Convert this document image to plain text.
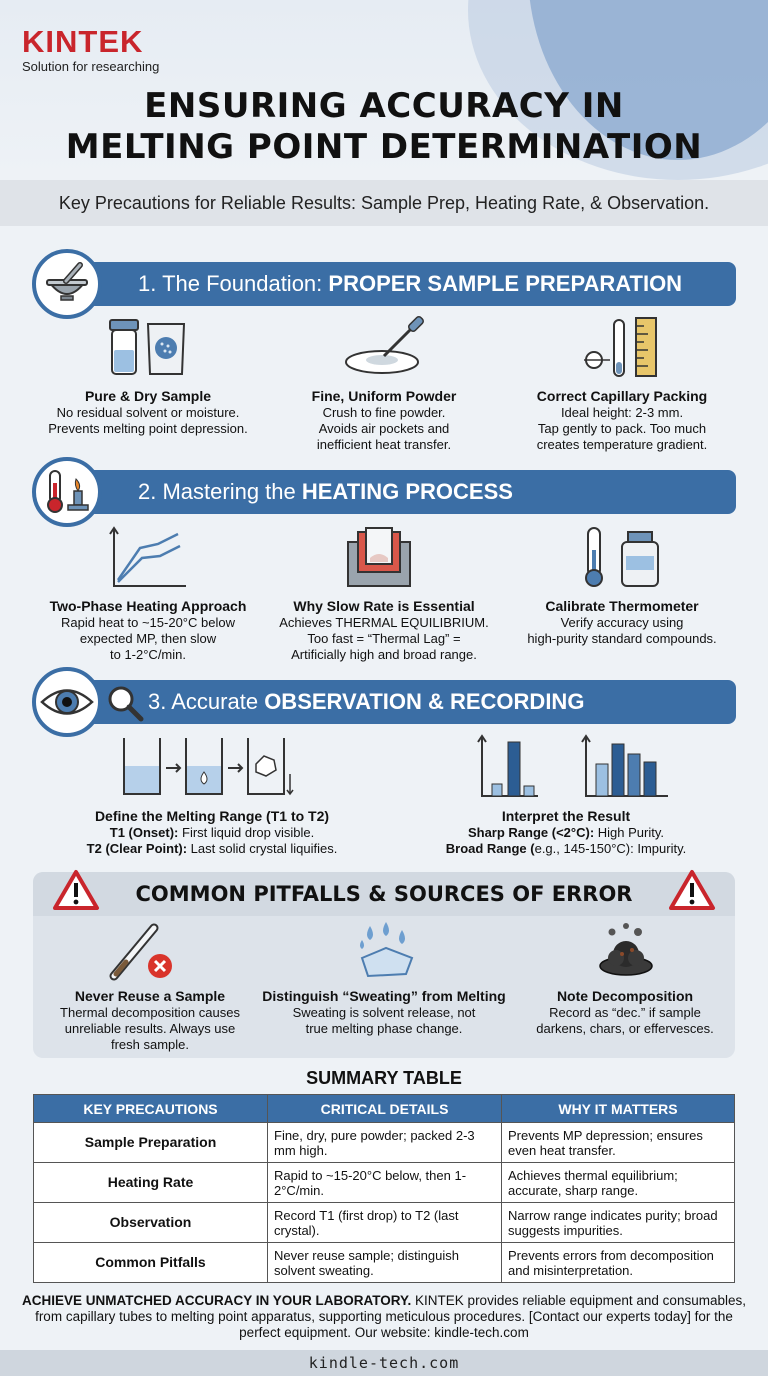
KINTEK
Solution for researching
ENSURING ACCURACY IN
MELTING POINT DETERMINATION
Key Precautions for Reliable Results: Sample Prep, Heating Rate, & Observation.
1. The Foundation: PROPER SAMPLE PREPARATION
Pure & Dry Sample
No residual solvent or moisture.
Prevents melting point depression.
Fine, Uniform Powder
Crush to fine powder.
Avoids air pockets and
inefficient heat transfer.
Correct Capillary Packing
Ideal height: 2-3 mm.
Tap gently to pack. Too much
creates temperature gradient.
2. Mastering the HEATING PROCESS
Two-Phase Heating Approach
Rapid heat to ~15-20°C below
expected MP, then slow
to 1-2°C/min.
Why Slow Rate is Essential
Achieves THERMAL EQUILIBRIUM.
Too fast = “Thermal Lag” =
Artificially high and broad range.
Calibrate Thermometer
Verify accuracy using
high-purity standard compounds.
3. Accurate OBSERVATION & RECORDING
Define the Melting Range (T1 to T2)
T1 (Onset): First liquid drop visible.
T2 (Clear Point): Last solid crystal liquifies.
Interpret the Result
Sharp Range (<2°C): High Purity.
Broad Range (e.g., 145-150°C): Impurity.
COMMON PITFALLS & SOURCES OF ERROR
Never Reuse a Sample
Thermal decomposition causes
unreliable results. Always use
fresh sample.
Distinguish “Sweating” from Melting
Sweating is solvent release, not
true melting phase change.
Note Decomposition
Record as “dec.” if sample
darkens, chars, or effervesces.
SUMMARY TABLE
KEY PRECAUTIONS	CRITICAL DETAILS	WHY IT MATTERS
Sample Preparation	Fine, dry, pure powder; packed 2-3 mm high.	Prevents MP depression; ensures even heat transfer.
Heating Rate	Rapid to ~15-20°C below, then 1-2°C/min.	Achieves thermal equilibrium; accurate, sharp range.
Observation	Record T1 (first drop) to T2 (last crystal).	Narrow range indicates purity; broad suggests impurities.
Common Pitfalls	Never reuse sample; distinguish solvent sweating.	Prevents errors from decomposition and misinterpretation.
ACHIEVE UNMATCHED ACCURACY IN YOUR LABORATORY. KINTEK provides reliable equipment and consumables, from capillary tubes to melting point apparatus, supporting meticulous procedures. [Contact our experts today] for the perfect equipment. Our website: kindle-tech.com
kindle-tech.com
